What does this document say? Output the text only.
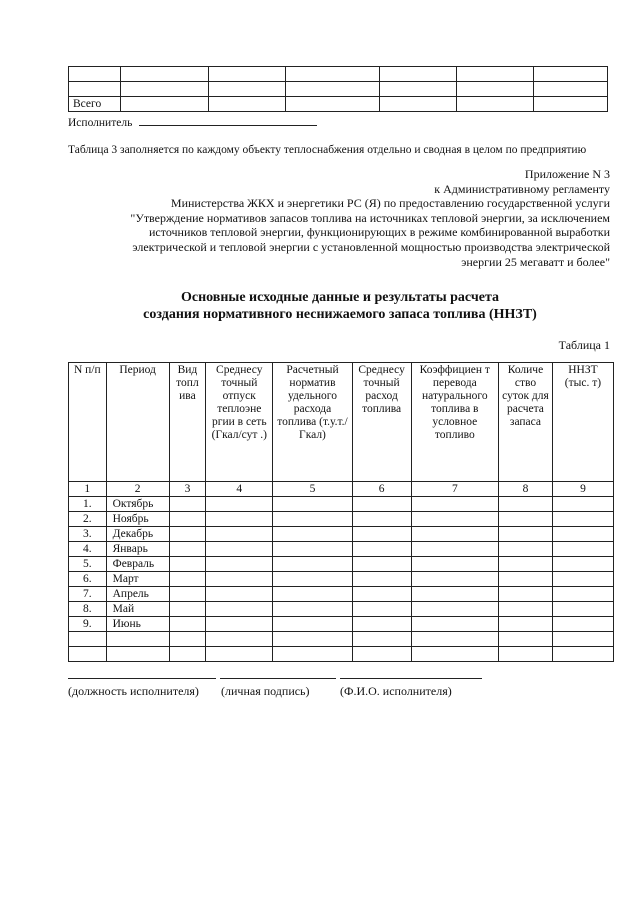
Всего						
Исполнитель
Таблица 3 заполняется по каждому объекту теплоснабжения отдельно и сводная в целом по предприятию
Приложение N 3
к Административному регламенту
Министерства ЖКХ и энергетики РС (Я) по предоставлению государственной услуги
"Утверждение нормативов запасов топлива на источниках тепловой энергии, за исключением
источников тепловой энергии, функционирующих в режиме комбинированной выработки
электрической и тепловой энергии с установленной мощностью производства электрической
энергии 25 мегаватт и более"
Основные исходные данные и результаты расчета
создания нормативного неснижаемого запаса топлива (ННЗТ)
Таблица 1
N п/п	Период	Вид топл ива	Среднесу точный отпуск теплоэне ргии в сеть (Гкал/сут .)	Расчетный норматив удельного расхода топлива (т.у.т./Гкал)	Среднесу точный расход топлива	Коэффициен т перевода натурального топлива в условное топливо	Количе ство суток для расчета запаса	ННЗТ (тыс. т)
1	2	3	4	5	6	7	8	9
1.	Октябрь							
2.	Ноябрь							
3.	Декабрь							
4.	Январь							
5.	Февраль							
6.	Март							
7.	Апрель							
8.	Май							
9.	Июнь							

(должность исполнителя) (личная подпись)	(Ф.И.О. исполнителя)
